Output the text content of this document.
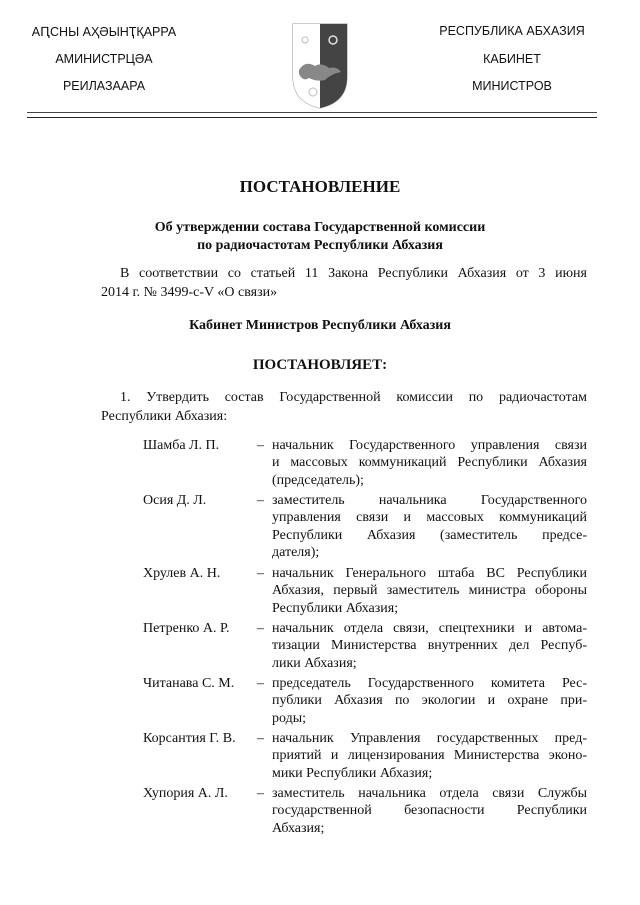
АԤСНЫ АҲӘЫНҬҚАРРА
АМИНИСТРЦӘА
РЕИЛАЗААРА
РЕСПУБЛИКА АБХАЗИЯ
КАБИНЕТ
МИНИСТРОВ
ПОСТАНОВЛЕНИЕ
Об утверждении состава Государственной комиссии
по радиочастотам Республики Абхазия
В соответствии со статьей 11 Закона Республики Абхазия от 3 июня
2014 г. № 3499-с-V «О связи»
Кабинет Министров Республики Абхазия
ПОСТАНОВЛЯЕТ:
1. Утвердить состав Государственной комиссии по радиочастотам
Республики Абхазия:
Шамба Л. П.	– начальник Государственного управления связи
и массовых коммуникаций Республики Абхазия
(председатель);
Осия Д. Л.	– заместитель начальника Государственного
управления связи и массовых коммуникаций
Республики Абхазия (заместитель предсе-
дателя);
Хрулев А. Н.	– начальник Генерального штаба ВС Республики
Абхазия, первый заместитель министра обороны
Республики Абхазия;
Петренко А. Р. – начальник отдела связи, спецтехники и автома-
тизации Министерства внутренних дел Респуб-
лики Абхазия;
Читанава С. М. – председатель Государственного комитета Рес-
публики Абхазия по экологии и охране при-
роды;
Корсантия Г. В. – начальник Управления государственных пред-
приятий и лицензирования Министерства эконо-
мики Республики Абхазия;
Хупория А. Л. – заместитель начальника отдела связи Службы
государственной безопасности Республики
Абхазия;
